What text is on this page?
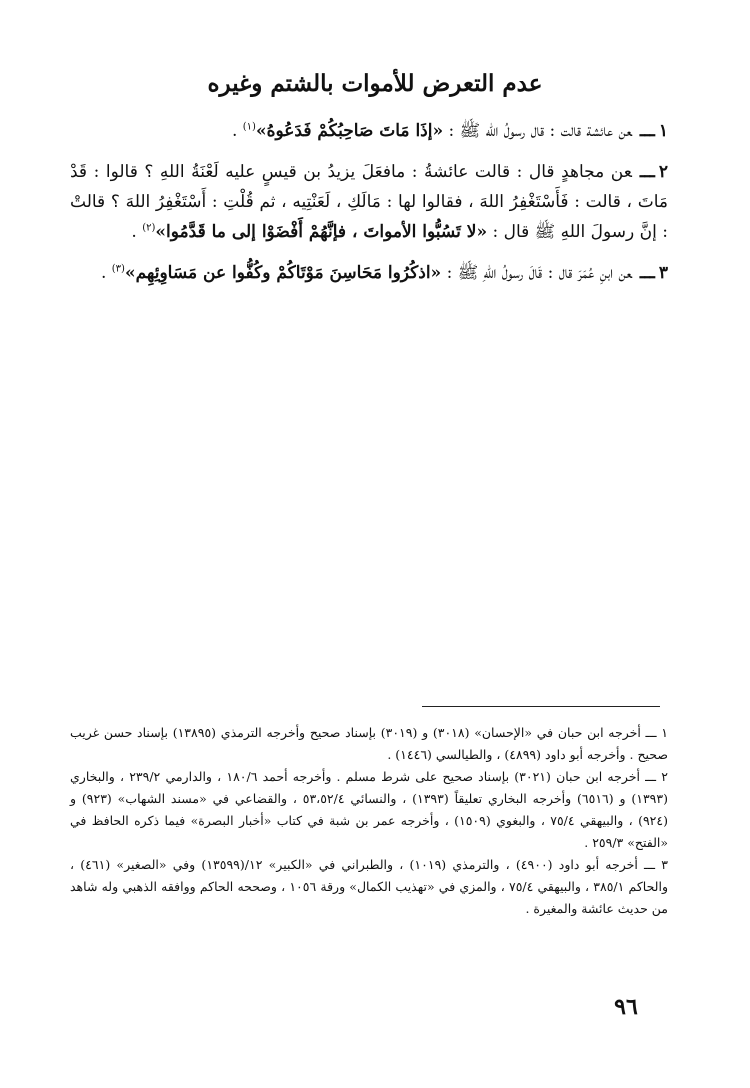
عدم التعرض للأموات بالشتم وغيره

١ـــعن عائشة قالت : قال رسولُ الله ﷺ : «إذَا مَاتَ صَاحِبُكُمْ فَدَعُوهُ»$^{(١)}$ .

٢ـــعن مجاهدٍ قال : قالت عائشةُ : مافعَلَ يزيدُ بن قيسٍ عليه لَعْنَةُ اللهِ ؟ قالوا : قَدْ مَاتَ ، قالت : فَأَسْتَغْفِرُ اللهَ ، فقالوا لها : مَالَكِ ، لَعَنْتِيه ، ثم قُلْتِ : أَسْتَغْفِرُ اللهَ ؟ قالتْ : إنَّ رسولَ اللهِ ﷺ قال : «لا تَسُبُّوا الأمواتَ ، فإنَّهُمْ أَفْضَوْا إلى ما قَدَّمُوا»$^{(٢)}$ .

٣ـــعن ابنِ عُمَرَ قال : قَالَ رسولُ اللهِ ﷺ : «اذكُرُوا مَحَاسِنَ مَوْتَاكُمْ وكُفُّوا عن مَسَاوِئِهِم»$^{(٣)}$ .

١ ـــ أخرجه ابن حبان في «الإحسان» (٣٠١٨) و (٣٠١٩) بإسناد صحيح وأخرجه الترمذي (١٣٨٩٥) بإسناد حسن غريب صحيح . وأخرجه أبو داود (٤٨٩٩) ، والطيالسي (١٤٤٦) .

٢ ـــ أخرجه ابن حبان (٣٠٢١) بإسناد صحيح على شرط مسلم . وأخرجه أحمد ١٨٠/٦ ، والدارمي ٢٣٩/٢ ، والبخاري (١٣٩٣) و (٦٥١٦) وأخرجه البخاري تعليقاً (١٣٩٣) ، والنسائي ٥٣،٥٢/٤ ، والقضاعي في «مسند الشهاب» (٩٢٣) و (٩٢٤) ، والبيهقي ٧٥/٤ ، والبغوي (١٥٠٩) ، وأخرجه عمر بن شبة في كتاب «أخبار البصرة» فيما ذكره الحافظ في «الفتح» ٢٥٩/٣ .

٣ ـــ أخرجه أبو داود (٤٩٠٠) ، والترمذي (١٠١٩) ، والطبراني في «الكبير» ١٢/(١٣٥٩٩) وفي «الصغير» (٤٦١) ، والحاكم ٣٨٥/١ ، والبيهقي ٧٥/٤ ، والمزي في «تهذيب الكمال» ورقة ١٠٥٦ ، وصححه الحاكم ووافقه الذهبي وله شاهد من حديث عائشة والمغيرة .

٩٦
